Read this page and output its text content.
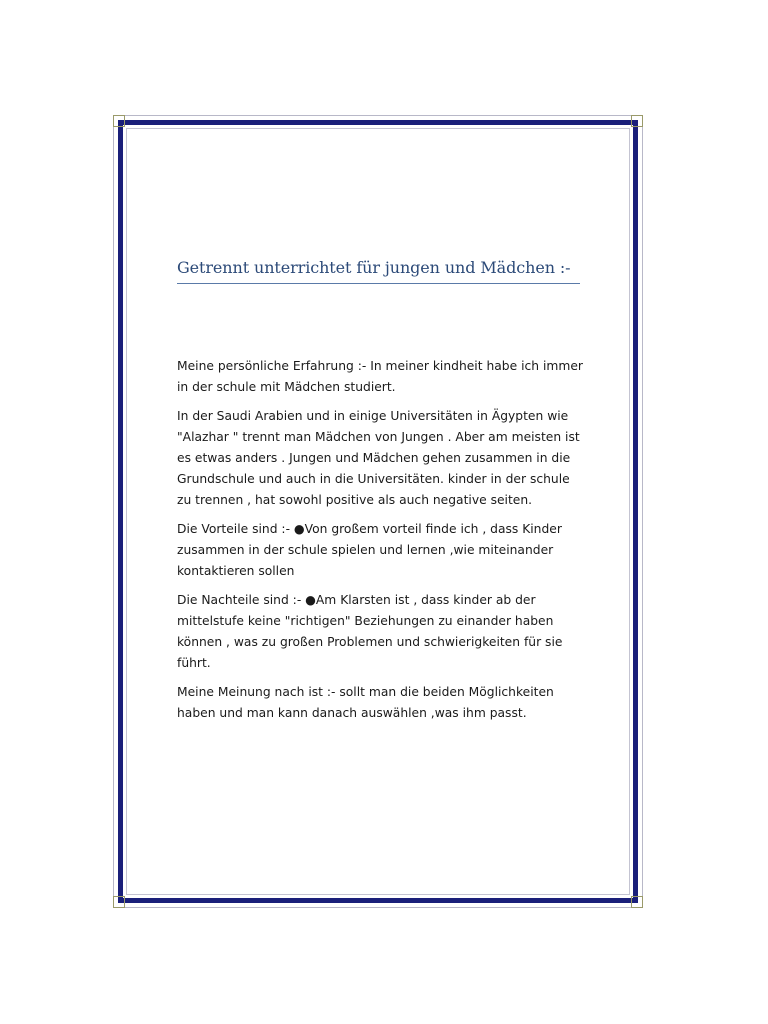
Getrennt unterrichtet für jungen und Mädchen :-

Meine persönliche Erfahrung :- In meiner kindheit habe ich immer in der schule mit Mädchen studiert.

In der Saudi Arabien und in einige Universitäten in Ägypten wie "Alazhar " trennt man Mädchen von Jungen . Aber am meisten ist es etwas anders . Jungen und Mädchen gehen zusammen in die Grundschule und auch in die Universitäten. kinder in der schule zu trennen , hat sowohl positive als auch negative seiten.

Die Vorteile sind :- ●Von großem vorteil finde ich , dass Kinder zusammen in der schule spielen und lernen ,wie miteinander kontaktieren sollen

Die Nachteile sind :- ●Am Klarsten ist , dass kinder ab der mittelstufe keine "richtigen" Beziehungen zu einander haben können , was zu großen Problemen und schwierigkeiten für sie führt.

Meine Meinung nach ist :- sollt man die beiden Möglichkeiten haben und man kann danach auswählen ,was ihm passt.
